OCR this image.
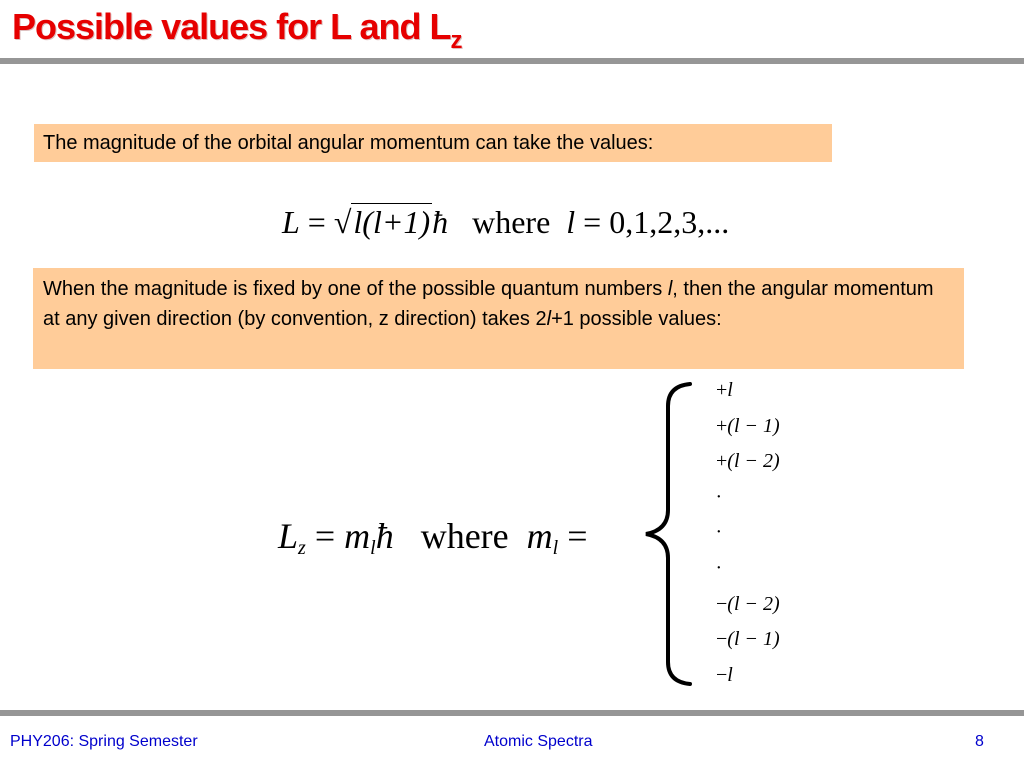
Possible values for L and $L_z$
The magnitude of the orbital angular momentum can take the values:
L = √l(l+1)ħ where l = 0,1,2,3,...
When the magnitude is fixed by one of the possible quantum numbers l, then the angular momentum at any given direction (by convention, z direction) takes 2l+1 possible values:
$L_z$ = $m_lħ$ where $m_l$ =
+l
+(l − 1)
+(l − 2)
·
·
·
−(l − 2)
−(l − 1)
−l
PHY206: Spring Semester	Atomic Spectra	8
